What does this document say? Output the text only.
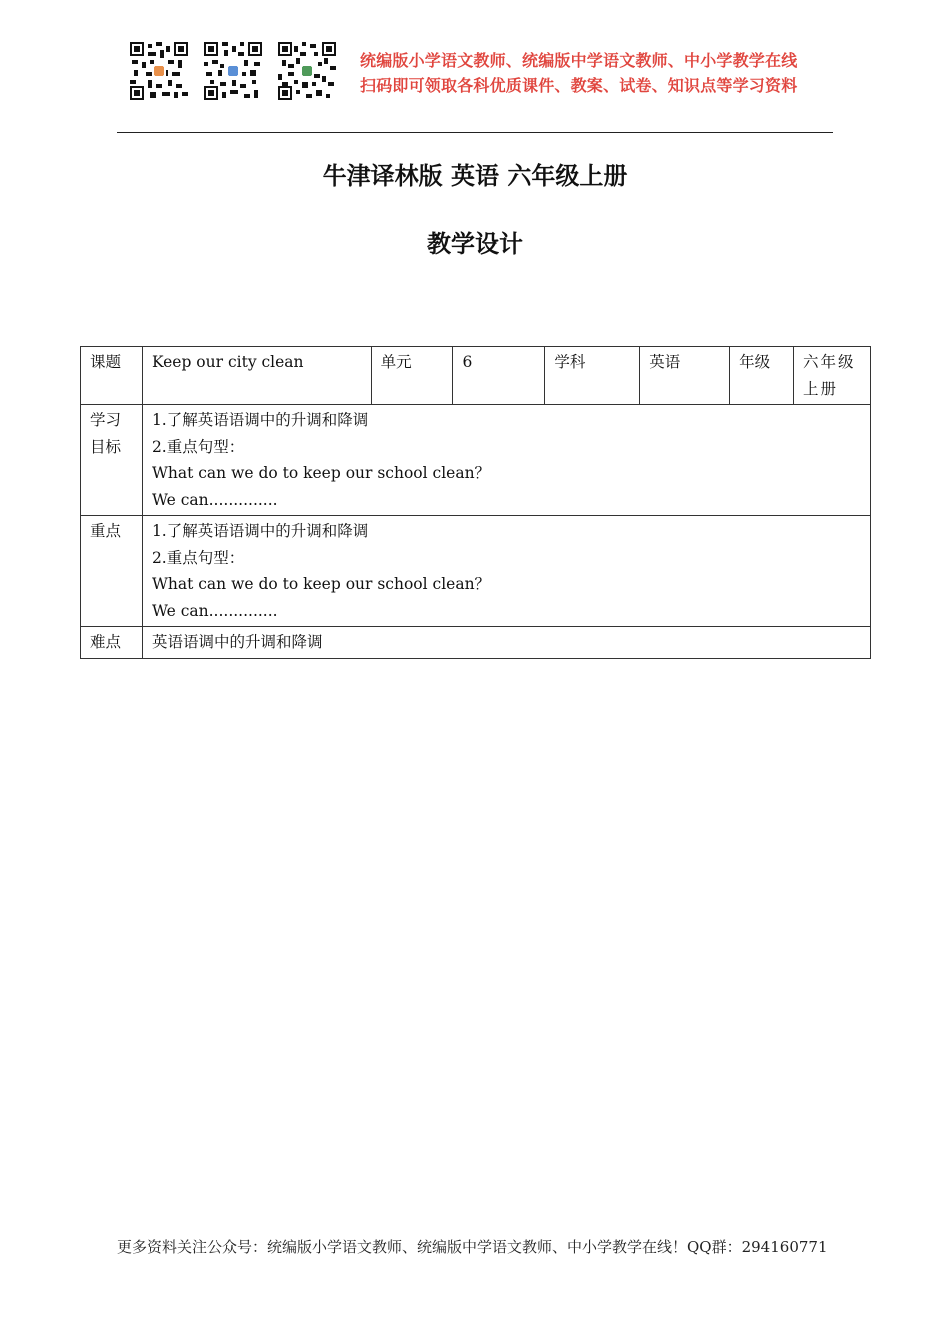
统编版小学语文教师、统编版中学语文教师、中小学教学在线
扫码即可领取各科优质课件、教案、试卷、知识点等学习资料
牛津译林版 英语 六年级上册
教学设计
课题	Keep our city clean	单元	6	学科	英语	年级	六年级上册
学习目标	1.了解英语语调中的升调和降调
2.重点句型：
What can we do to keep our school clean？
We can..............						

重点	1.了解英语语调中的升调和降调
2.重点句型：
What can we do to keep our school clean？
We can..............						

难点	英语语调中的升调和降调						
更多资料关注公众号：统编版小学语文教师、统编版中学语文教师、中小学教学在线！QQ群：294160771
